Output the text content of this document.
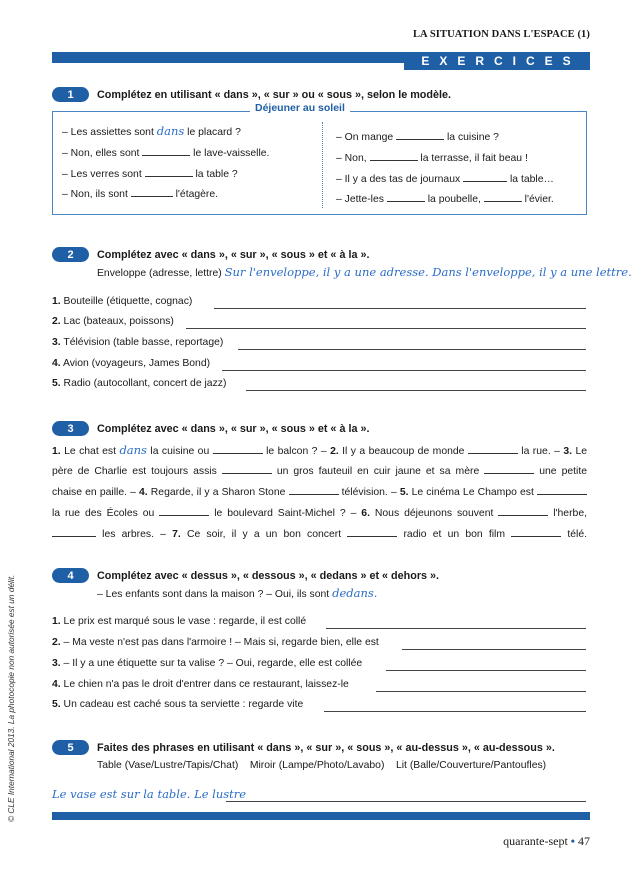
LA SITUATION DANS L'ESPACE (1)
EXERCICES
1	Complétez en utilisant « dans », « sur » ou « sous », selon le modèle.
Déjeuner au soleil
– Les assiettes sont dans le placard ?
– Non, elles sont	le lave-vaisselle.
– Les verres sont	la table ?
– Non, ils sont	l'étagère.
– On mange	la cuisine ?
– Non,	la terrasse, il fait beau !
– Il y a des tas de journaux	la table…
– Jette-les	la poubelle,	l'évier.
2	Complétez avec « dans », « sur », « sous » et « à la ».
Enveloppe (adresse, lettre) Sur l'enveloppe, il y a une adresse. Dans l'enveloppe, il y a une lettre.
1. Bouteille (étiquette, cognac)
2. Lac (bateaux, poissons)
3. Télévision (table basse, reportage)
4. Avion (voyageurs, James Bond)
5. Radio (autocollant, concert de jazz)
3	Complétez avec « dans », « sur », « sous » et « à la ».
1. Le chat est dans la cuisine ou	le balcon ? – 2. Il y a beaucoup de monde	la rue. – 3. Le
père de Charlie est toujours assis	un gros fauteuil en cuir jaune et sa mère	une petite
chaise en paille. – 4. Regarde, il y a Sharon Stone	télévision. – 5. Le cinéma Le Champo est
la rue des Écoles ou	le boulevard Saint-Michel ? – 6. Nous déjeunons souvent	l'herbe,
les arbres. – 7. Ce soir, il y a un bon concert	radio et un bon film	télé.
4	Complétez avec « dessus », « dessous », « dedans » et « dehors ».
– Les enfants sont dans la maison ? – Oui, ils sont dedans.
1. Le prix est marqué sous le vase : regarde, il est collé
2. – Ma veste n'est pas dans l'armoire ! – Mais si, regarde bien, elle est
3. – Il y a une étiquette sur ta valise ? – Oui, regarde, elle est collée
4. Le chien n'a pas le droit d'entrer dans ce restaurant, laissez-le
5. Un cadeau est caché sous ta serviette : regarde vite
5	Faites des phrases en utilisant « dans », « sur », « sous », « au-dessus », « au-dessous ».
Table (Vase/Lustre/Tapis/Chat)    Miroir (Lampe/Photo/Lavabo)    Lit (Balle/Couverture/Pantoufles)
Le vase est sur la table. Le lustre
© CLE International 2013. La photocopie non autorisée est un délit.
quarante-sept • 47
